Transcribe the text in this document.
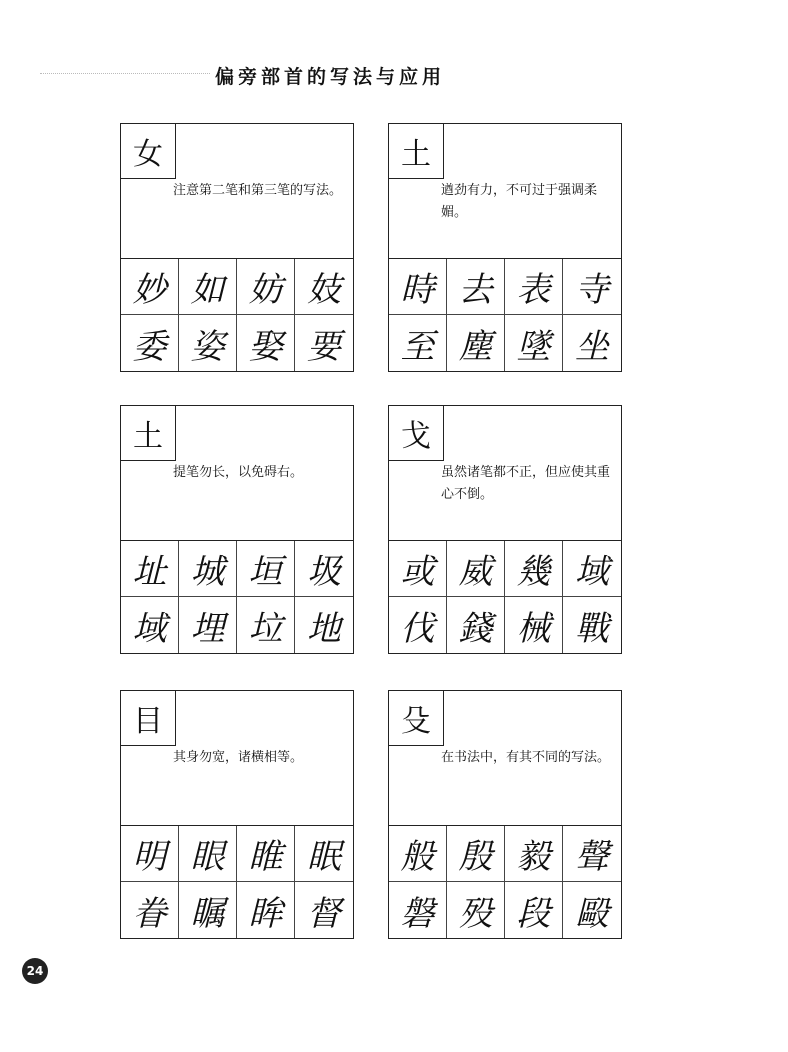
偏旁部首的写法与应用
女
注意第二笔和第三笔的写法。
妙 如 妨 妓
委 姿 娶 要
土
遒劲有力，不可过于强调柔媚。
時 去 表 寺
至 塵 墜 坐
土
提笔勿长，以免碍右。
址 城 垣 圾
域 埋 垃 地
戈
虽然诸笔都不正，但应使其重心不倒。
或 威 幾 域
伐 錢 械 戰
目
其身勿宽，诸横相等。
明 眼 睢 眠
眷 瞩 眸 督
殳
在书法中，有其不同的写法。
般 殷 毅 聲
磐 殁 段 毆
24
